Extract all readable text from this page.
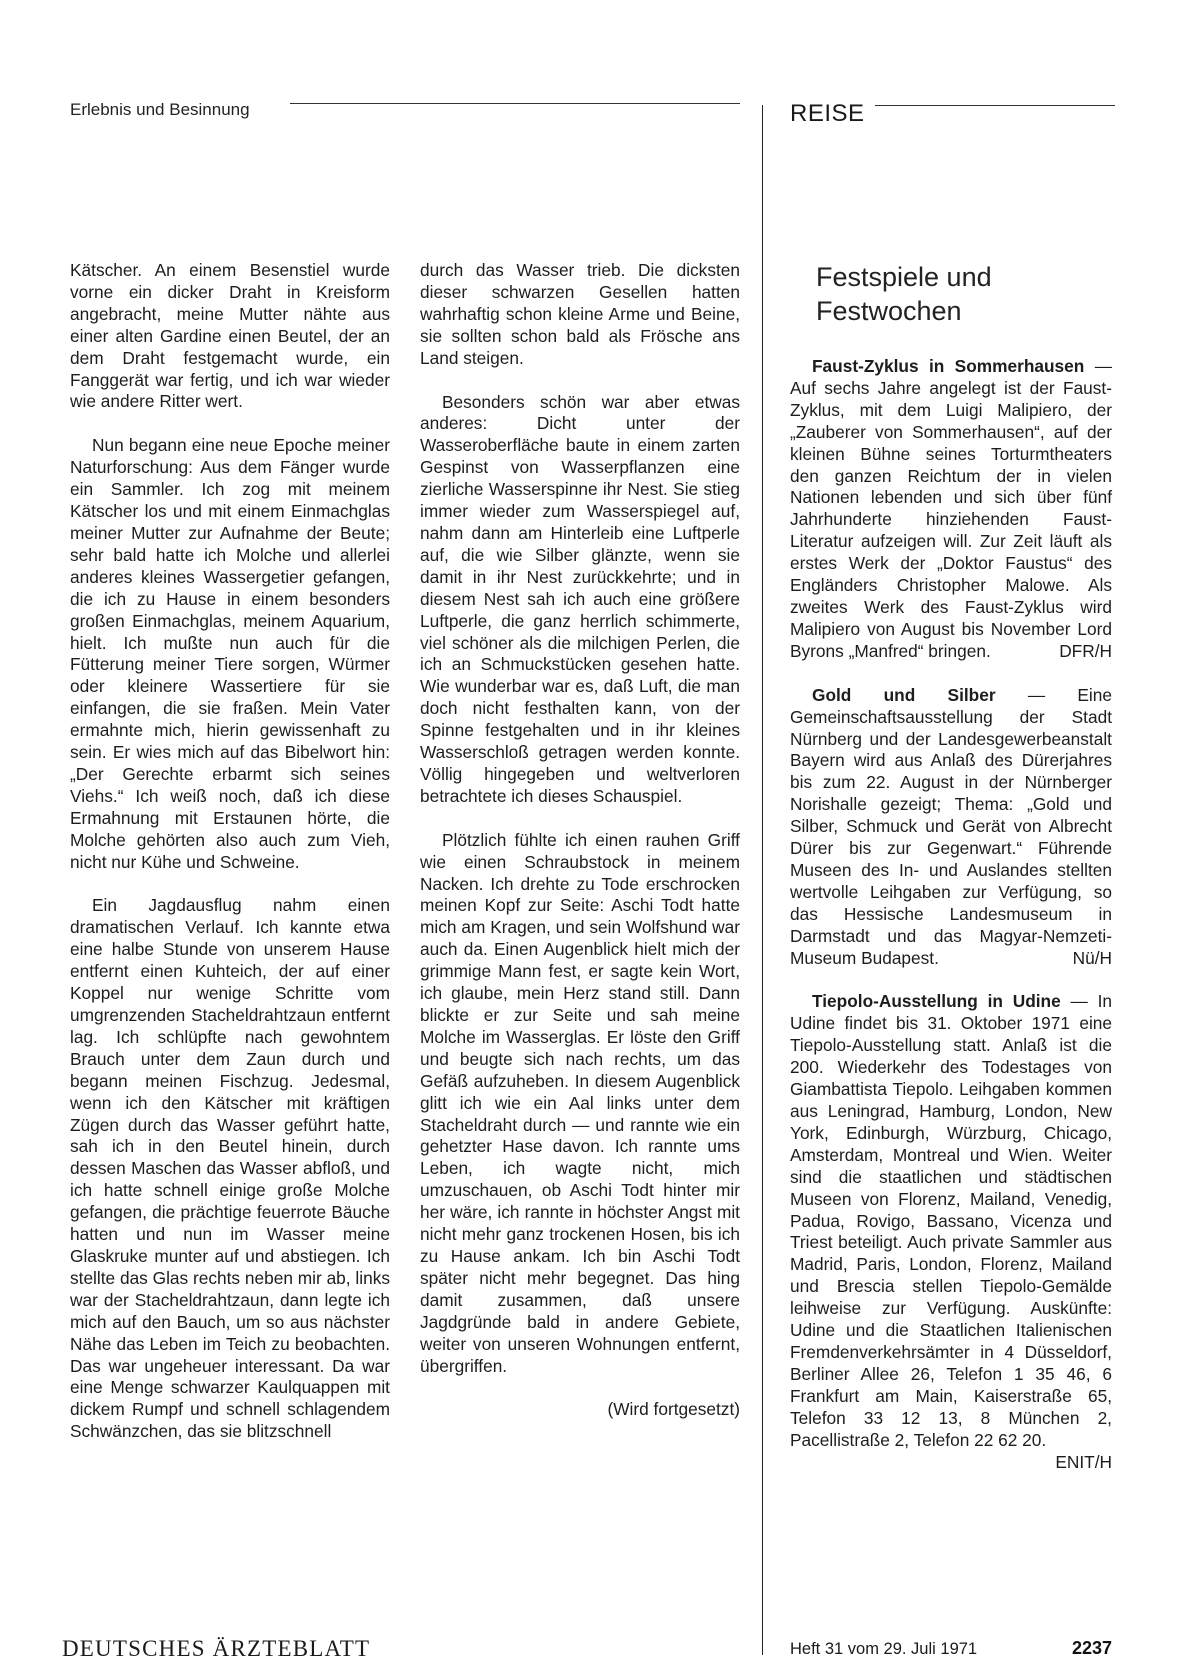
Erlebnis und Besinnung	REISE

Kätscher. An einem Besenstiel wurde vorne ein dicker Draht in Kreisform angebracht, meine Mutter nähte aus einer alten Gardine einen Beutel, der an dem Draht festgemacht wurde, ein Fanggerät war fertig, und ich war wieder wie andere Ritter wert.

Nun begann eine neue Epoche meiner Naturforschung: Aus dem Fänger wurde ein Sammler. Ich zog mit meinem Kätscher los und mit einem Einmachglas meiner Mutter zur Aufnahme der Beute; sehr bald hatte ich Molche und allerlei anderes kleines Wassergetier gefangen, die ich zu Hause in einem besonders großen Einmachglas, meinem Aquarium, hielt. Ich mußte nun auch für die Fütterung meiner Tiere sorgen, Würmer oder kleinere Wassertiere für sie einfangen, die sie fraßen. Mein Vater ermahnte mich, hierin gewissenhaft zu sein. Er wies mich auf das Bibelwort hin: „Der Gerechte erbarmt sich seines Viehs.“ Ich weiß noch, daß ich diese Ermahnung mit Erstaunen hörte, die Molche gehörten also auch zum Vieh, nicht nur Kühe und Schweine.

Ein Jagdausflug nahm einen dramatischen Verlauf. Ich kannte etwa eine halbe Stunde von unserem Hause entfernt einen Kuhteich, der auf einer Koppel nur wenige Schritte vom umgrenzenden Stacheldrahtzaun entfernt lag. Ich schlüpfte nach gewohntem Brauch unter dem Zaun durch und begann meinen Fischzug. Jedesmal, wenn ich den Kätscher mit kräftigen Zügen durch das Wasser geführt hatte, sah ich in den Beutel hinein, durch dessen Maschen das Wasser abfloß, und ich hatte schnell einige große Molche gefangen, die prächtige feuerrote Bäuche hatten und nun im Wasser meine Glaskruke munter auf und abstiegen. Ich stellte das Glas rechts neben mir ab, links war der Stacheldrahtzaun, dann legte ich mich auf den Bauch, um so aus nächster Nähe das Leben im Teich zu beobachten. Das war ungeheuer interessant. Da war eine Menge schwarzer Kaulquappen mit dickem Rumpf und schnell schlagendem Schwänzchen, das sie blitzschnell

durch das Wasser trieb. Die dicksten dieser schwarzen Gesellen hatten wahrhaftig schon kleine Arme und Beine, sie sollten schon bald als Frösche ans Land steigen.

Besonders schön war aber etwas anderes: Dicht unter der Wasseroberfläche baute in einem zarten Gespinst von Wasserpflanzen eine zierliche Wasserspinne ihr Nest. Sie stieg immer wieder zum Wasserspiegel auf, nahm dann am Hinterleib eine Luftperle auf, die wie Silber glänzte, wenn sie damit in ihr Nest zurückkehrte; und in diesem Nest sah ich auch eine größere Luftperle, die ganz herrlich schimmerte, viel schöner als die milchigen Perlen, die ich an Schmuckstücken gesehen hatte. Wie wunderbar war es, daß Luft, die man doch nicht festhalten kann, von der Spinne festgehalten und in ihr kleines Wasserschloß getragen werden konnte. Völlig hingegeben und weltverloren betrachtete ich dieses Schauspiel.

Plötzlich fühlte ich einen rauhen Griff wie einen Schraubstock in meinem Nacken. Ich drehte zu Tode erschrocken meinen Kopf zur Seite: Aschi Todt hatte mich am Kragen, und sein Wolfshund war auch da. Einen Augenblick hielt mich der grimmige Mann fest, er sagte kein Wort, ich glaube, mein Herz stand still. Dann blickte er zur Seite und sah meine Molche im Wasserglas. Er löste den Griff und beugte sich nach rechts, um das Gefäß aufzuheben. In diesem Augenblick glitt ich wie ein Aal links unter dem Stacheldraht durch — und rannte wie ein gehetzter Hase davon. Ich rannte ums Leben, ich wagte nicht, mich umzuschauen, ob Aschi Todt hinter mir her wäre, ich rannte in höchster Angst mit nicht mehr ganz trockenen Hosen, bis ich zu Hause ankam. Ich bin Aschi Todt später nicht mehr begegnet. Das hing damit zusammen, daß unsere Jagdgründe bald in andere Gebiete, weiter von unseren Wohnungen entfernt, übergriffen.

(Wird fortgesetzt)
Festspiele und Festwochen

Faust-Zyklus in Sommerhausen — Auf sechs Jahre angelegt ist der Faust-Zyklus, mit dem Luigi Malipiero, der „Zauberer von Sommerhausen“, auf der kleinen Bühne seines Torturmtheaters den ganzen Reichtum der in vielen Nationen lebenden und sich über fünf Jahrhunderte hinziehenden Faust-Literatur aufzeigen will. Zur Zeit läuft als erstes Werk der „Doktor Faustus“ des Engländers Christopher Malowe. Als zweites Werk des Faust-Zyklus wird Malipiero von August bis November Lord Byrons „Manfred“ bringen.	DFR/H

Gold und Silber — Eine Gemeinschaftsausstellung der Stadt Nürnberg und der Landesgewerbeanstalt Bayern wird aus Anlaß des Dürerjahres bis zum 22. August in der Nürnberger Norishalle gezeigt; Thema: „Gold und Silber, Schmuck und Gerät von Albrecht Dürer bis zur Gegenwart.“ Führende Museen des In- und Auslandes stellten wertvolle Leihgaben zur Verfügung, so das Hessische Landesmuseum in Darmstadt und das Magyar-Nemzeti-Museum Budapest.	Nü/H

Tiepolo-Ausstellung in Udine — In Udine findet bis 31. Oktober 1971 eine Tiepolo-Ausstellung statt. Anlaß ist die 200. Wiederkehr des Todestages von Giambattista Tiepolo. Leihgaben kommen aus Leningrad, Hamburg, London, New York, Edinburgh, Würzburg, Chicago, Amsterdam, Montreal und Wien. Weiter sind die staatlichen und städtischen Museen von Florenz, Mailand, Venedig, Padua, Rovigo, Bassano, Vicenza und Triest beteiligt. Auch private Sammler aus Madrid, Paris, London, Florenz, Mailand und Brescia stellen Tiepolo-Gemälde leihweise zur Verfügung. Auskünfte: Udine und die Staatlichen Italienischen Fremdenverkehrsämter in 4 Düsseldorf, Berliner Allee 26, Telefon 1 35 46, 6 Frankfurt am Main, Kaiserstraße 65, Telefon 33 12 13, 8 München 2, Pacellistraße 2, Telefon 22 62 20.
ENIT/H

DEUTSCHES ÄRZTEBLATT	Heft 31 vom 29. Juli 1971	2237
